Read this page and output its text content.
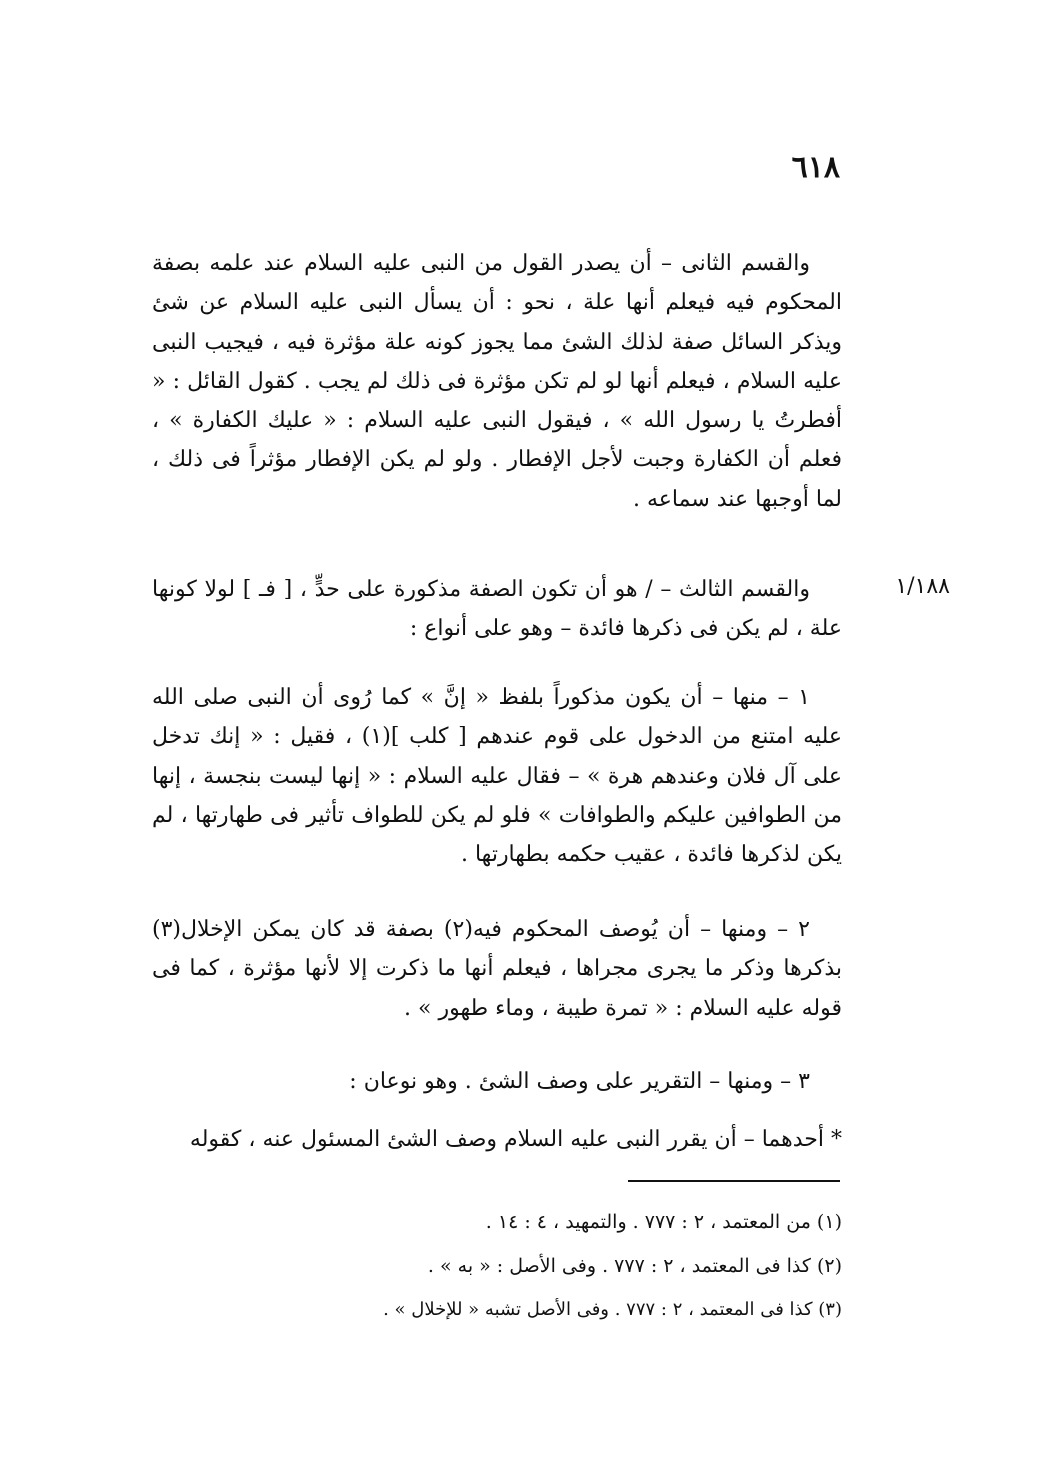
٦١٨

والقسم الثانى – أن يصدر القول من النبى عليه السلام عند علمه بصفة المحكوم فيه فيعلم أنها علة ، نحو : أن يسأل النبى عليه السلام عن شئ ويذكر السائل صفة لذلك الشئ مما يجوز كونه علة مؤثرة فيه ، فيجيب النبى عليه السلام ، فيعلم أنها لو لم تكن مؤثرة فى ذلك لم يجب . كقول القائل : « أفطرتُ يا رسول الله » ، فيقول النبى عليه السلام : « عليك الكفارة » ، فعلم أن الكفارة وجبت لأجل الإفطار . ولو لم يكن الإفطار مؤثراً فى ذلك ، لما أوجبها عند سماعه .

١/١٨٨

والقسم الثالث – / هو أن تكون الصفة مذكورة على حدٍّ ، [ فـ ] لولا كونها علة ، لم يكن فى ذكرها فائدة – وهو على أنواع :

١ – منها – أن يكون مذكوراً بلفظ « إنَّ » كما رُوى أن النبى صلى الله عليه امتنع من الدخول على قوم عندهم [ كلب ](١) ، فقيل : « إنك تدخل على آل فلان وعندهم هرة » – فقال عليه السلام : « إنها ليست بنجسة ، إنها من الطوافين عليكم والطوافات » فلو لم يكن للطواف تأثير فى طهارتها ، لم يكن لذكرها فائدة ، عقيب حكمه بطهارتها .

٢ – ومنها – أن يُوصف المحكوم فيه(٢) بصفة قد كان يمكن الإخلال(٣) بذكرها وذكر ما يجرى مجراها ، فيعلم أنها ما ذكرت إلا لأنها مؤثرة ، كما فى قوله عليه السلام : « تمرة طيبة ، وماء طهور » .

٣ – ومنها – التقرير على وصف الشئ . وهو نوعان :

* أحدهما – أن يقرر النبى عليه السلام وصف الشئ المسئول عنه ، كقوله

(١) من المعتمد ، ٢ : ٧٧٧ . والتمهيد ، ٤ : ١٤ .

(٢) كذا فى المعتمد ، ٢ : ٧٧٧ . وفى الأصل : « به » .

(٣) كذا فى المعتمد ، ٢ : ٧٧٧ . وفى الأصل تشبه « للإخلال » .
